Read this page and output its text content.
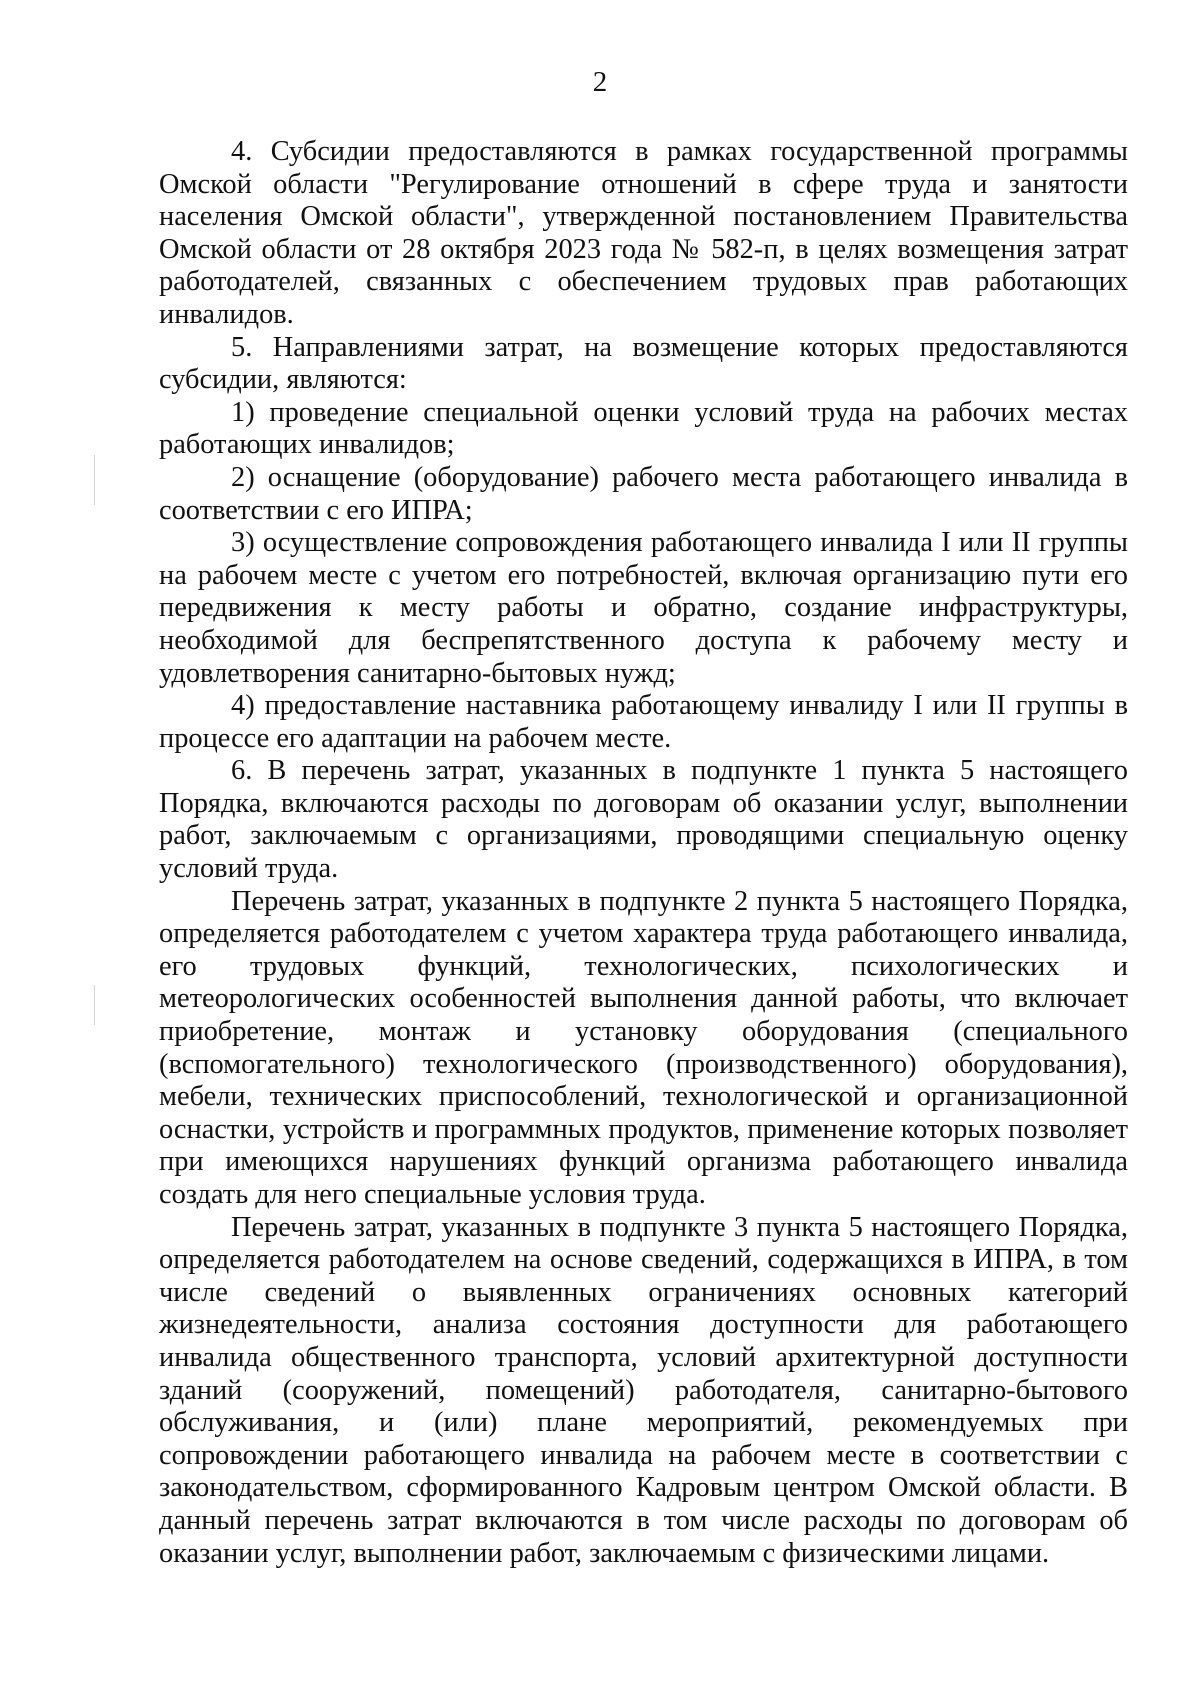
2

4. Субсидии предоставляются в рамках государственной программы Омской области "Регулирование отношений в сфере труда и занятости населения Омской области", утвержденной постановлением Правительства Омской области от 28 октября 2023 года № 582-п, в целях возмещения затрат работодателей, связанных с обеспечением трудовых прав работающих инвалидов.

5. Направлениями затрат, на возмещение которых предоставляются субсидии, являются:

1) проведение специальной оценки условий труда на рабочих местах работающих инвалидов;

2) оснащение (оборудование) рабочего места работающего инвалида в соответствии с его ИПРА;

3) осуществление сопровождения работающего инвалида I или II группы на рабочем месте с учетом его потребностей, включая организацию пути его передвижения к месту работы и обратно, создание инфраструктуры, необходимой для беспрепятственного доступа к рабочему месту и удовлетворения санитарно-бытовых нужд;

4) предоставление наставника работающему инвалиду I или II группы в процессе его адаптации на рабочем месте.

6. В перечень затрат, указанных в подпункте 1 пункта 5 настоящего Порядка, включаются расходы по договорам об оказании услуг, выполнении работ, заключаемым с организациями, проводящими специальную оценку условий труда.

Перечень затрат, указанных в подпункте 2 пункта 5 настоящего Порядка, определяется работодателем с учетом характера труда работающего инвалида, его трудовых функций, технологических, психологических и метеорологических особенностей выполнения данной работы, что включает приобретение, монтаж и установку оборудования (специального (вспомогательного) технологического (производственного) оборудования), мебели, технических приспособлений, технологической и организационной оснастки, устройств и программных продуктов, применение которых позволяет при имеющихся нарушениях функций организма работающего инвалида создать для него специальные условия труда.

Перечень затрат, указанных в подпункте 3 пункта 5 настоящего Порядка, определяется работодателем на основе сведений, содержащихся в ИПРА, в том числе сведений о выявленных ограничениях основных категорий жизнедеятельности, анализа состояния доступности для работающего инвалида общественного транспорта, условий архитектурной доступности зданий (сооружений, помещений) работодателя, санитарно-бытового обслуживания, и (или) плане мероприятий, рекомендуемых при сопровождении работающего инвалида на рабочем месте в соответствии с законодательством, сформированного Кадровым центром Омской области. В данный перечень затрат включаются в том числе расходы по договорам об оказании услуг, выполнении работ, заключаемым с физическими лицами.
